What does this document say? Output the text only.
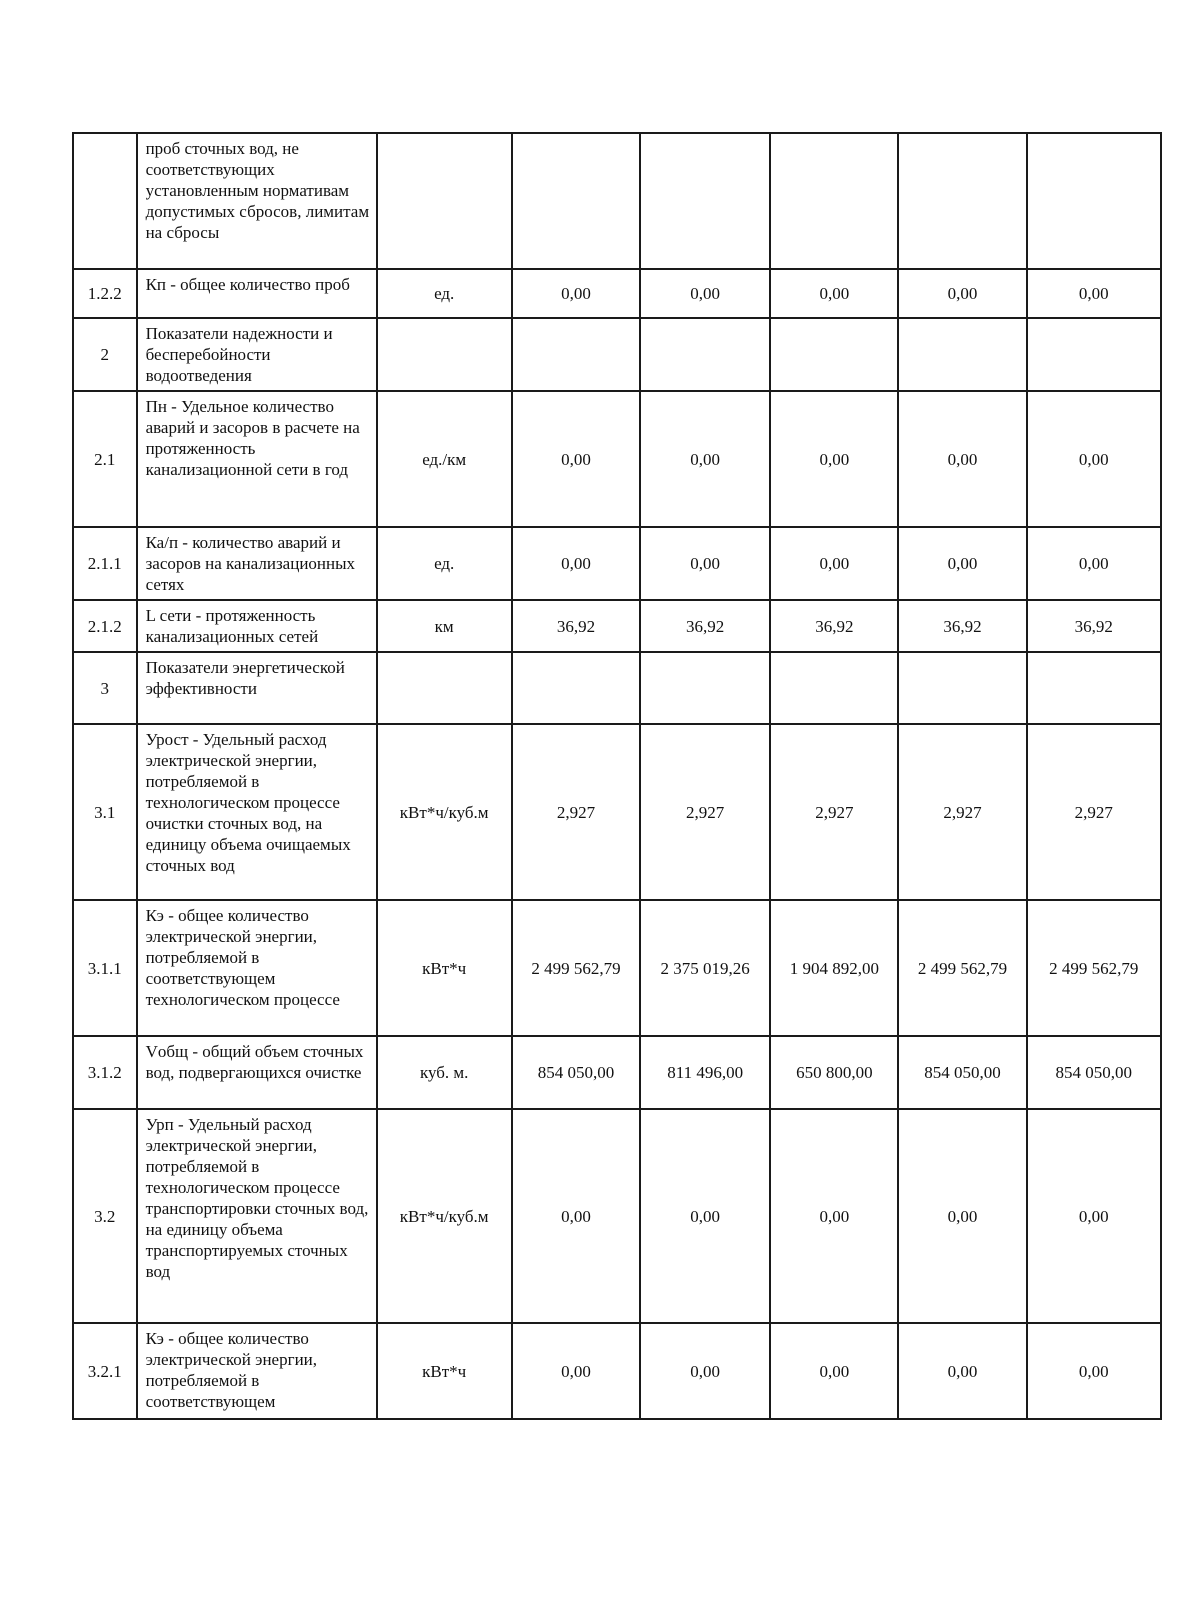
	проб сточных вод, не соответствующих установленным нормативам допустимых сбросов, лимитам на сбросы						
1.2.2	Кп - общее количество проб	ед.	0,00	0,00	0,00	0,00	0,00
2	Показатели надежности и бесперебойности водоотведения						
2.1	Пн - Удельное количество аварий и засоров в расчете на протяженность канализационной сети в год	ед./км	0,00	0,00	0,00	0,00	0,00
2.1.1	Ка/п - количество аварий и засоров на канализационных сетях	ед.	0,00	0,00	0,00	0,00	0,00
2.1.2	L сети - протяженность канализационных сетей	км	36,92	36,92	36,92	36,92	36,92
3	Показатели энергетической эффективности						
3.1	Урост - Удельный расход электрической энергии, потребляемой в технологическом процессе очистки сточных вод, на единицу объема очищаемых сточных вод	кВт*ч/куб.м	2,927	2,927	2,927	2,927	2,927
3.1.1	Кэ - общее количество электрической энергии, потребляемой в соответствующем технологическом процессе	кВт*ч	2 499 562,79	2 375 019,26	1 904 892,00	2 499 562,79	2 499 562,79
3.1.2	Vобщ - общий объем сточных вод, подвергающихся очистке	куб. м.	854 050,00	811 496,00	650 800,00	854 050,00	854 050,00
3.2	Урп - Удельный расход электрической энергии, потребляемой в технологическом процессе транспортировки сточных вод, на единицу объема транспортируемых сточных вод	кВт*ч/куб.м	0,00	0,00	0,00	0,00	0,00
3.2.1	Кэ - общее количество электрической энергии, потребляемой в соответствующем	кВт*ч	0,00	0,00	0,00	0,00	0,00
